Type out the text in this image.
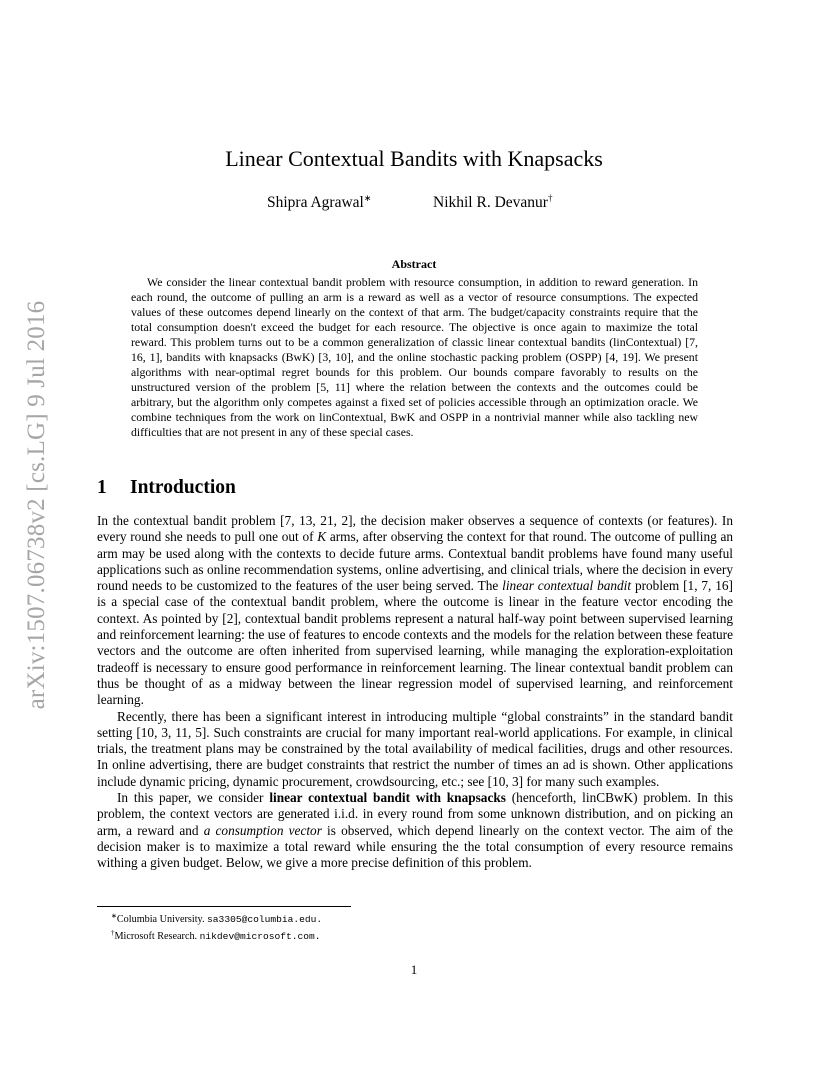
arXiv:1507.06738v2 [cs.LG] 9 Jul 2016
Linear Contextual Bandits with Knapsacks
Shipra Agrawal∗	Nikhil R. Devanur†
Abstract

We consider the linear contextual bandit problem with resource consumption, in addition to reward generation. In each round, the outcome of pulling an arm is a reward as well as a vector of resource consumptions. The expected values of these outcomes depend linearly on the context of that arm. The budget/capacity constraints require that the total consumption doesn't exceed the budget for each resource. The objective is once again to maximize the total reward. This problem turns out to be a common generalization of classic linear contextual bandits (linContextual) [7, 16, 1], bandits with knapsacks (BwK) [3, 10], and the online stochastic packing problem (OSPP) [4, 19]. We present algorithms with near-optimal regret bounds for this problem. Our bounds compare favorably to results on the unstructured version of the problem [5, 11] where the relation between the contexts and the outcomes could be arbitrary, but the algorithm only competes against a fixed set of policies accessible through an optimization oracle. We combine techniques from the work on linContextual, BwK and OSPP in a nontrivial manner while also tackling new difficulties that are not present in any of these special cases.

1 Introduction

In the contextual bandit problem [7, 13, 21, 2], the decision maker observes a sequence of contexts (or features). In every round she needs to pull one out of K arms, after observing the context for that round. The outcome of pulling an arm may be used along with the contexts to decide future arms. Contextual bandit problems have found many useful applications such as online recommendation systems, online advertising, and clinical trials, where the decision in every round needs to be customized to the features of the user being served. The linear contextual bandit problem [1, 7, 16] is a special case of the contextual bandit problem, where the outcome is linear in the feature vector encoding the context. As pointed by [2], contextual bandit problems represent a natural half-way point between supervised learning and reinforcement learning: the use of features to encode contexts and the models for the relation between these feature vectors and the outcome are often inherited from supervised learning, while managing the exploration-exploitation tradeoff is necessary to ensure good performance in reinforcement learning. The linear contextual bandit problem can thus be thought of as a midway between the linear regression model of supervised learning, and reinforcement learning.

Recently, there has been a significant interest in introducing multiple “global constraints” in the standard bandit setting [10, 3, 11, 5]. Such constraints are crucial for many important real-world applications. For example, in clinical trials, the treatment plans may be constrained by the total availability of medical facilities, drugs and other resources. In online advertising, there are budget constraints that restrict the number of times an ad is shown. Other applications include dynamic pricing, dynamic procurement, crowdsourcing, etc.; see [10, 3] for many such examples.

In this paper, we consider linear contextual bandit with knapsacks (henceforth, linCBwK) problem. In this problem, the context vectors are generated i.i.d. in every round from some unknown distribution, and on picking an arm, a reward and a consumption vector is observed, which depend linearly on the context vector. The aim of the decision maker is to maximize a total reward while ensuring the the total consumption of every resource remains withing a given budget. Below, we give a more precise definition of this problem.

∗Columbia University. sa3305@columbia.edu.

†Microsoft Research. nikdev@microsoft.com.

1
